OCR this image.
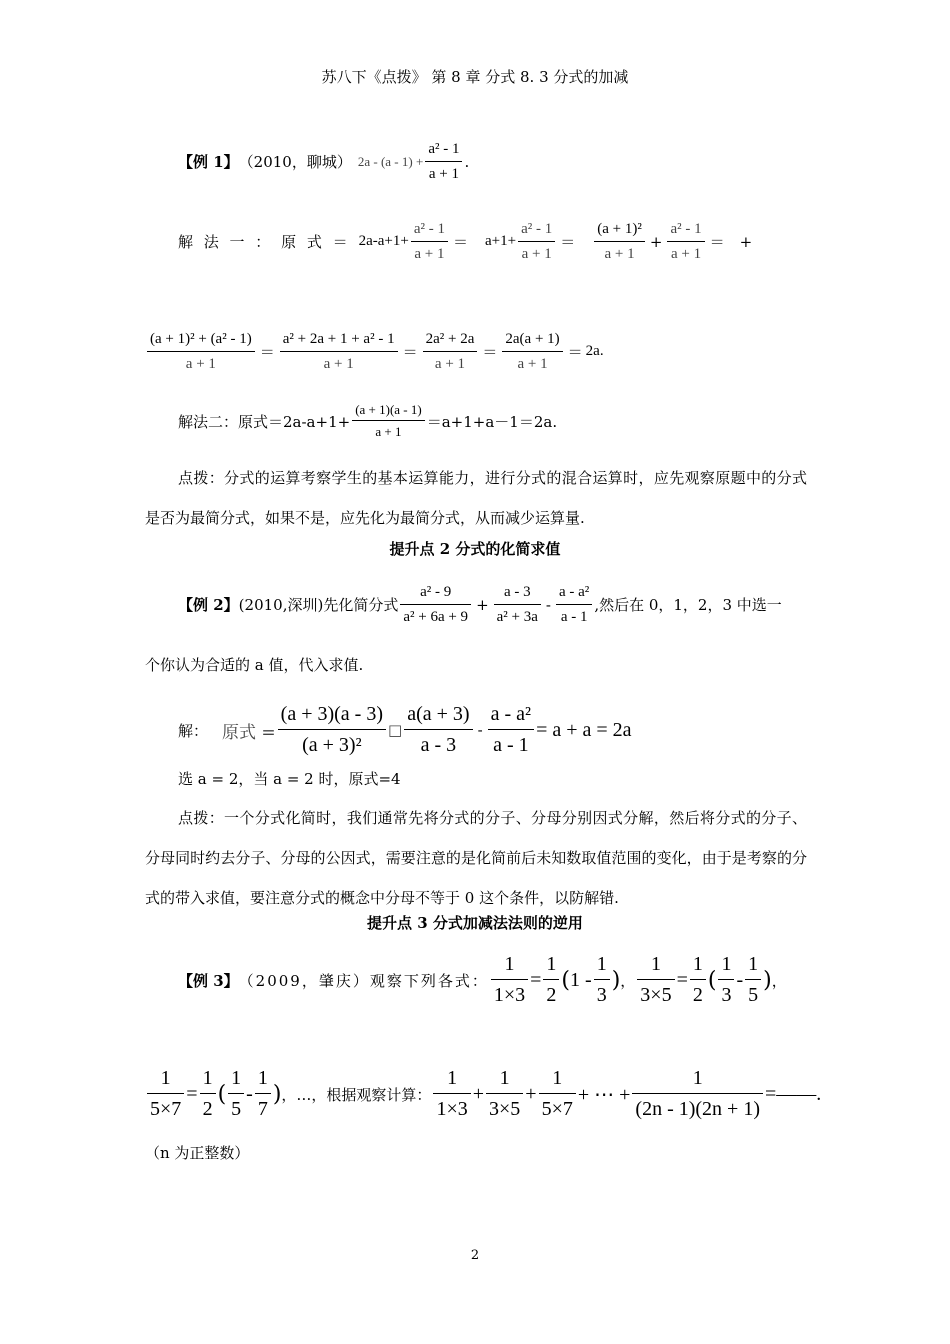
苏八下《点拨》 第 8 章 分式 8. 3 分式的加减
【例 1】 （2010，聊城） $2a - (a - 1) + \frac{\text{a² - 1}}{a + 1}$ .
解 法 一 ： 原 式 ＝ $2a-a+1+ \frac{\text{a² - 1}}{a + 1} = a+1+ \frac{\text{a² - 1}}{a + 1} = \frac{\text{(a + 1)²}}{a + 1} + \frac{\text{a² - 1}}{a + 1}$ ＝ +
$\frac{\text{(a + 1)² + (a² - 1)}}{a + 1} = \frac{\text{a² + 2a + 1 + a² - 1}}{a + 1} = \frac{\text{2a² + 2a}}{a + 1} = \frac{2a(a + 1)}{a + 1} = 2a$.
解法二：原式$=2a-a+1+ \frac{(a + 1)(a - 1)}{a + 1} =a+1+a-1=2a$.
点拨：分式的运算考察学生的基本运算能力，进行分式的混合运算时，应先观察原题中的分式是否为最简分式，如果不是，应先化为最简分式，从而减少运算量.
提升点 2 分式的化简求值
【例 2】 (2010,深圳)先化简分式 $\frac{\text{a² - 9}}{\text{a² + 6a + 9}} + \frac{a - 3}{\text{a² + 3a}} - \frac{\text{a - a²}}{a - 1}$ ,然后在 0，1，2，3 中选一
个你认为合适的 a 值，代入求值.
解： 原式 = $\frac{(a + 3)(a - 3)}{\text{(a + 3)²}}$ □ $\frac{a(a + 3)}{a - 3} - \frac{\text{a - a²}}{a - 1} = a + a = 2a$
选 a = 2，当 a = 2 时，原式=4
点拨：一个分式化简时，我们通常先将分式的分子、分母分别因式分解，然后将分式的分子、分母同时约去分子、分母的公因式，需要注意的是化简前后未知数取值范围的变化，由于是考察的分式的带入求值，要注意分式的概念中分母不等于 0 这个条件，以防解错.
提升点 3 分式加减法法则的逆用
【例 3】 （2009，肇庆）观察下列各式： $\frac{1}{1\times 3} = \frac{1}{2}$ ( $1 - \frac{1}{3}$ ) ， $\frac{1}{3\times 5} = \frac{1}{2}$ ( $\frac{1}{3} - \frac{1}{5}$ ) ，
$\frac{1}{5\times 7} = \frac{1}{2}$ ( $\frac{1}{5} - \frac{1}{7}$ ) ，…，根据观察计算： $\frac{1}{1\times 3} + \frac{1}{3\times 5} + \frac{1}{5\times 7}$ + ⋯ + $\frac{1}{(2n - 1)(2n + 1)}$ =——.
（n 为正整数）
2
